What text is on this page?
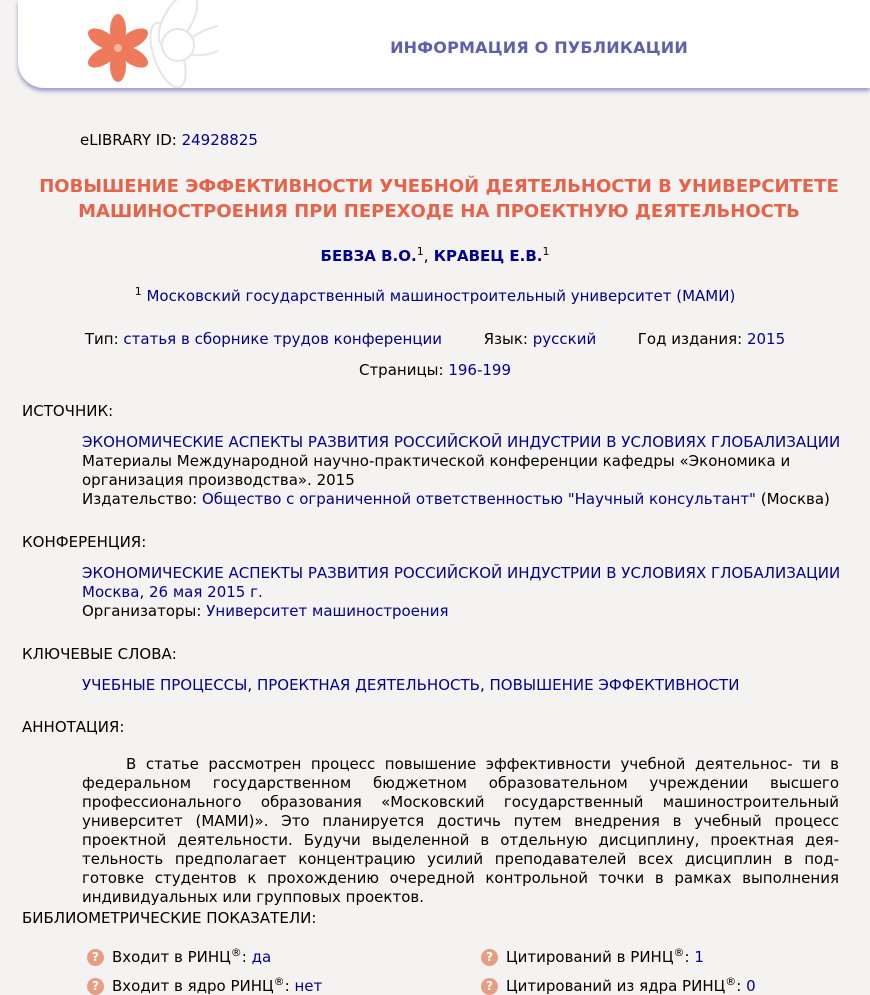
ИНФОРМАЦИЯ О ПУБЛИКАЦИИ
eLIBRARY ID: 24928825
ПОВЫШЕНИЕ ЭФФЕКТИВНОСТИ УЧЕБНОЙ ДЕЯТЕЛЬНОСТИ В УНИВЕРСИТЕТЕ МАШИНОСТРОЕНИЯ ПРИ ПЕРЕХОДЕ НА ПРОЕКТНУЮ ДЕЯТЕЛЬНОСТЬ
БЕВЗА В.О.$^1$, КРАВЕЦ Е.В.$^1$
$^1$ Московский государственный машиностроительный университет (МАМИ)
Тип: статья в сборнике трудов конференции	Язык: русский	Год издания: 2015
Страницы: 196-199
ИСТОЧНИК:
ЭКОНОМИЧЕСКИЕ АСПЕКТЫ РАЗВИТИЯ РОССИЙСКОЙ ИНДУСТРИИ В УСЛОВИЯХ ГЛОБАЛИЗАЦИИ
Материалы Международной научно-практической конференции кафедры «Экономика и организация производства». 2015
Издательство: Общество с ограниченной ответственностью "Научный консультант" (Москва)
КОНФЕРЕНЦИЯ:
ЭКОНОМИЧЕСКИЕ АСПЕКТЫ РАЗВИТИЯ РОССИЙСКОЙ ИНДУСТРИИ В УСЛОВИЯХ ГЛОБАЛИЗАЦИИ
Москва, 26 мая 2015 г.
Организаторы: Университет машиностроения
КЛЮЧЕВЫЕ СЛОВА:
УЧЕБНЫЕ ПРОЦЕССЫ, ПРОЕКТНАЯ ДЕЯТЕЛЬНОСТЬ, ПОВЫШЕНИЕ ЭФФЕКТИВНОСТИ
АННОТАЦИЯ:
В статье рассмотрен процесс повышение эффективности учебной деятельнос- ти в федеральном государственном бюджетном образовательном учреждении высшего профессионального образования «Московский государственный машиностроительный университет (МАМИ)». Это планируется достичь путем внедрения в учебный процесс проектной деятельности. Будучи выделенной в отдельную дисциплину, проектная дея- тельность предполагает концентрацию усилий преподавателей всех дисциплин в под- готовке студентов к прохождению очередной контрольной точки в рамках выполнения индивидуальных или групповых проектов.
БИБЛИОМЕТРИЧЕСКИЕ ПОКАЗАТЕЛИ:
? Входит в РИНЦ®: да	? Цитирований в РИНЦ®: 1
? Входит в ядро РИНЦ®: нет	? Цитирований из ядра РИНЦ®: 0
